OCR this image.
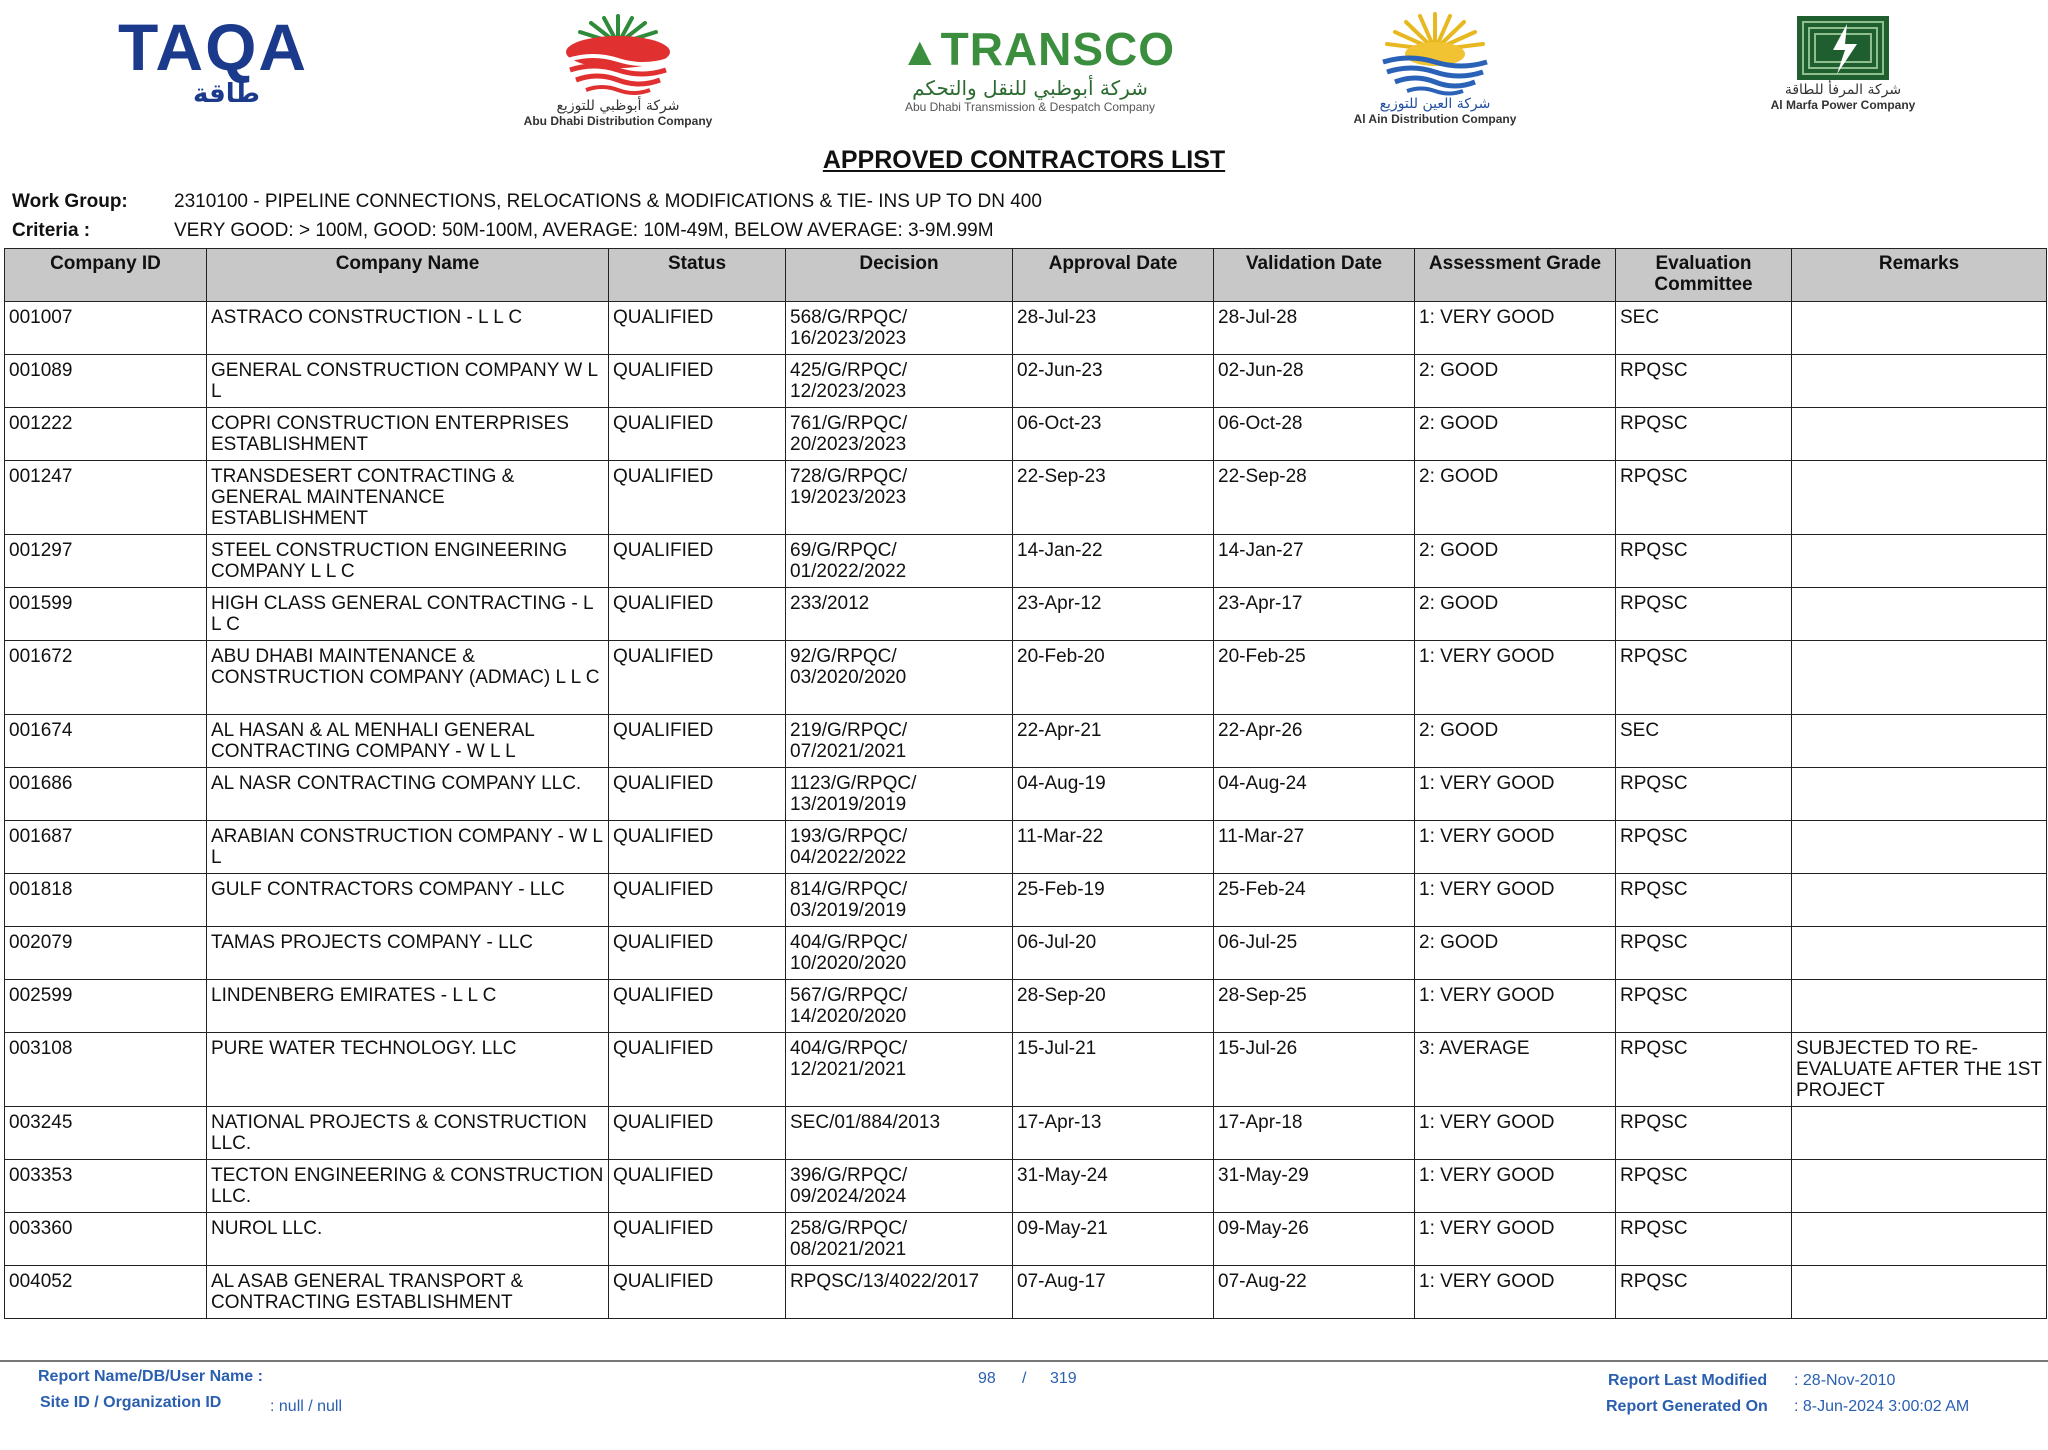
TAQA
طاقة	شركة أبوظبي للتوزيع
Abu Dhabi Distribution Company
▲TRANSCO
شركة أبوظبي للنقل والتحكم
Abu Dhabi Transmission & Despatch Company	شركة العين للتوزيع
Al Ain Distribution Company
شركة المرفأ للطاقة
Al Marfa Power Company
APPROVED CONTRACTORS LIST
Work Group: 2310100 - PIPELINE CONNECTIONS, RELOCATIONS & MODIFICATIONS & TIE- INS UP TO DN 400
Criteria :	VERY GOOD: > 100M, GOOD: 50M-100M, AVERAGE: 10M-49M, BELOW AVERAGE: 3-9M.99M
Company ID	Company Name	Status	Decision	Approval Date	Validation Date	Assessment Grade	Evaluation Committee	Remarks
001007	ASTRACO CONSTRUCTION - L L C	QUALIFIED	568/G/RPQC/ 16/2023/2023	28-Jul-23	28-Jul-28	1: VERY GOOD	SEC	
001089	GENERAL CONSTRUCTION COMPANY W L L	QUALIFIED	425/G/RPQC/ 12/2023/2023	02-Jun-23	02-Jun-28	2: GOOD	RPQSC	
001222	COPRI CONSTRUCTION ENTERPRISES ESTABLISHMENT	QUALIFIED	761/G/RPQC/ 20/2023/2023	06-Oct-23	06-Oct-28	2: GOOD	RPQSC	
001247	TRANSDESERT CONTRACTING & GENERAL MAINTENANCE ESTABLISHMENT	QUALIFIED	728/G/RPQC/ 19/2023/2023	22-Sep-23	22-Sep-28	2: GOOD	RPQSC	
001297	STEEL CONSTRUCTION ENGINEERING COMPANY L L C	QUALIFIED	69/G/RPQC/ 01/2022/2022	14-Jan-22	14-Jan-27	2: GOOD	RPQSC	
001599	HIGH CLASS GENERAL CONTRACTING - L L C	QUALIFIED	233/2012	23-Apr-12	23-Apr-17	2: GOOD	RPQSC	
001672	ABU DHABI MAINTENANCE & CONSTRUCTION COMPANY (ADMAC) L L C	QUALIFIED	92/G/RPQC/ 03/2020/2020	20-Feb-20	20-Feb-25	1: VERY GOOD	RPQSC	
001674	AL HASAN & AL MENHALI GENERAL CONTRACTING COMPANY - W L L	QUALIFIED	219/G/RPQC/ 07/2021/2021	22-Apr-21	22-Apr-26	2: GOOD	SEC	
001686	AL NASR CONTRACTING COMPANY LLC.	QUALIFIED	1123/G/RPQC/ 13/2019/2019	04-Aug-19	04-Aug-24	1: VERY GOOD	RPQSC	
001687	ARABIAN CONSTRUCTION COMPANY - W L L	QUALIFIED	193/G/RPQC/ 04/2022/2022	11-Mar-22	11-Mar-27	1: VERY GOOD	RPQSC	
001818	GULF CONTRACTORS COMPANY - LLC	QUALIFIED	814/G/RPQC/ 03/2019/2019	25-Feb-19	25-Feb-24	1: VERY GOOD	RPQSC	
002079	TAMAS PROJECTS COMPANY - LLC	QUALIFIED	404/G/RPQC/ 10/2020/2020	06-Jul-20	06-Jul-25	2: GOOD	RPQSC	
002599	LINDENBERG EMIRATES - L L C	QUALIFIED	567/G/RPQC/ 14/2020/2020	28-Sep-20	28-Sep-25	1: VERY GOOD	RPQSC	
003108	PURE WATER TECHNOLOGY. LLC	QUALIFIED	404/G/RPQC/ 12/2021/2021	15-Jul-21	15-Jul-26	3: AVERAGE	RPQSC	SUBJECTED TO RE-EVALUATE AFTER THE 1ST PROJECT
003245	NATIONAL PROJECTS & CONSTRUCTION LLC.	QUALIFIED	SEC/01/884/2013	17-Apr-13	17-Apr-18	1: VERY GOOD	RPQSC	
003353	TECTON ENGINEERING & CONSTRUCTION LLC.	QUALIFIED	396/G/RPQC/ 09/2024/2024	31-May-24	31-May-29	1: VERY GOOD	RPQSC	
003360	NUROL LLC.	QUALIFIED	258/G/RPQC/ 08/2021/2021	09-May-21	09-May-26	1: VERY GOOD	RPQSC	
004052	AL ASAB GENERAL TRANSPORT & CONTRACTING ESTABLISHMENT	QUALIFIED	RPQSC/13/4022/2017	07-Aug-17	07-Aug-22	1: VERY GOOD	RPQSC	
Report Name/DB/User Name :
Site ID / Organization ID	: null / null
98 / 319	Report Last Modified : 28-Nov-2010
Report Generated On : 8-Jun-2024 3:00:02 AM
